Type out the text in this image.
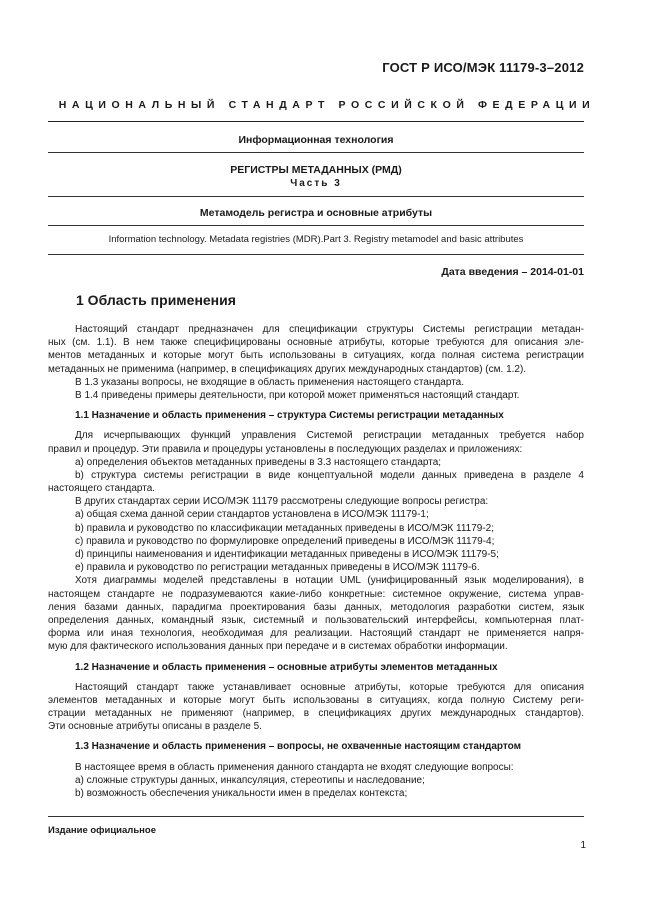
ГОСТ Р ИСО/МЭК 11179-3–2012
НАЦИОНАЛЬНЫЙ СТАНДАРТ РОССИЙСКОЙ ФЕДЕРАЦИИ
Информационная технология
РЕГИСТРЫ МЕТАДАННЫХ (РМД)
Часть 3
Метамодель регистра и основные атрибуты
Information technology. Metadata registries (MDR).Part 3. Registry metamodel and basic attributes
Дата введения – 2014-01-01
1 Область применения
Настоящий стандарт предназначен для спецификации структуры Системы регистрации метадан-
ных (см. 1.1). В нем также специфицированы основные атрибуты, которые требуются для описания эле-
ментов метаданных и которые могут быть использованы в ситуациях, когда полная система регистрации
метаданных не применима (например, в спецификациях других международных стандартов) (см. 1.2).
В 1.3 указаны вопросы, не входящие в область применения настоящего стандарта.
В 1.4 приведены примеры деятельности, при которой может применяться настоящий стандарт.
1.1 Назначение и область применения – структура Системы регистрации метаданных
Для исчерпывающих функций управления Системой регистрации метаданных требуется набор
правил и процедур. Эти правила и процедуры установлены в последующих разделах и приложениях:
a) определения объектов метаданных приведены в 3.3 настоящего стандарта;
b) структура системы регистрации в виде концептуальной модели данных приведена в разделе 4
настоящего стандарта.
В других стандартах серии ИСО/МЭК 11179 рассмотрены следующие вопросы регистра:
a) общая схема данной серии стандартов установлена в ИСО/МЭК 11179-1;
b) правила и руководство по классификации метаданных приведены в ИСО/МЭК 11179-2;
c) правила и руководство по формулировке определений приведены в ИСО/МЭК 11179-4;
d) принципы наименования и идентификации метаданных приведены в ИСО/МЭК 11179-5;
e) правила и руководство по регистрации метаданных приведены в ИСО/МЭК 11179-6.
Хотя диаграммы моделей представлены в нотации UML (унифицированный язык моделирования), в
настоящем стандарте не подразумеваются какие-либо конкретные: системное окружение, система управ-
ления базами данных, парадигма проектирования базы данных, методология разработки систем, язык
определения данных, командный язык, системный и пользовательский интерфейсы, компьютерная плат-
форма или иная технология, необходимая для реализации. Настоящий стандарт не применяется напря-
мую для фактического использования данных при передаче и в системах обработки информации.
1.2 Назначение и область применения – основные атрибуты элементов метаданных
Настоящий стандарт также устанавливает основные атрибуты, которые требуются для описания
элементов метаданных и которые могут быть использованы в ситуациях, когда полную Систему реги-
страции метаданных не применяют (например, в спецификациях других международных стандартов).
Эти основные атрибуты описаны в разделе 5.
1.3 Назначение и область применения – вопросы, не охваченные настоящим стандартом
В настоящее время в область применения данного стандарта не входят следующие вопросы:
a) сложные структуры данных, инкапсуляция, стереотипы и наследование;
b) возможность обеспечения уникальности имен в пределах контекста;
Издание официальное
1
